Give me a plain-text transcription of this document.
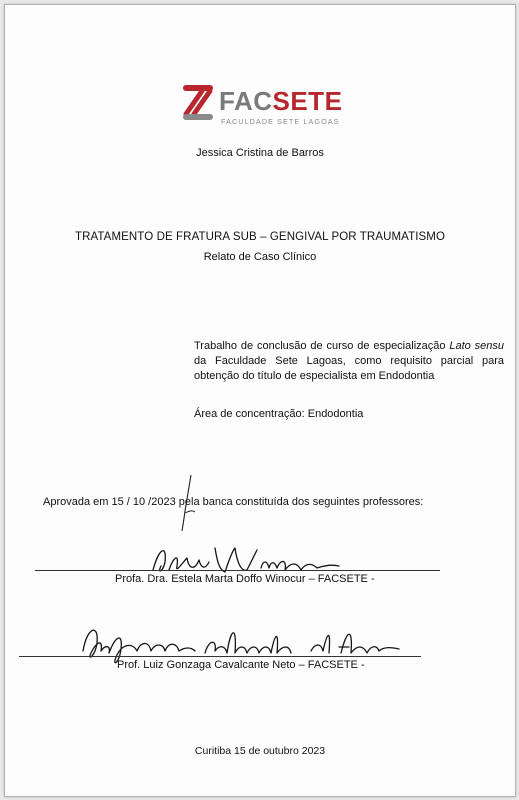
FACSETE
FACULDADE SETE LAGOAS

Jessica Cristina de Barros

TRATAMENTO DE FRATURA SUB – GENGIVAL POR TRAUMATISMO

Relato de Caso Clínico

Trabalho de conclusão de curso de especialização Lato sensu da Faculdade Sete Lagoas, como requisito parcial para obtenção do título de especialista em Endodontia

Área de concentração: Endodontia

Aprovada em 15 / 10 /2023 pela banca constituída dos seguintes professores:

Profa. Dra. Estela Marta Doffo Winocur – FACSETE -

Prof. Luiz Gonzaga Cavalcante Neto – FACSETE -

Curitiba 15 de outubro 2023
